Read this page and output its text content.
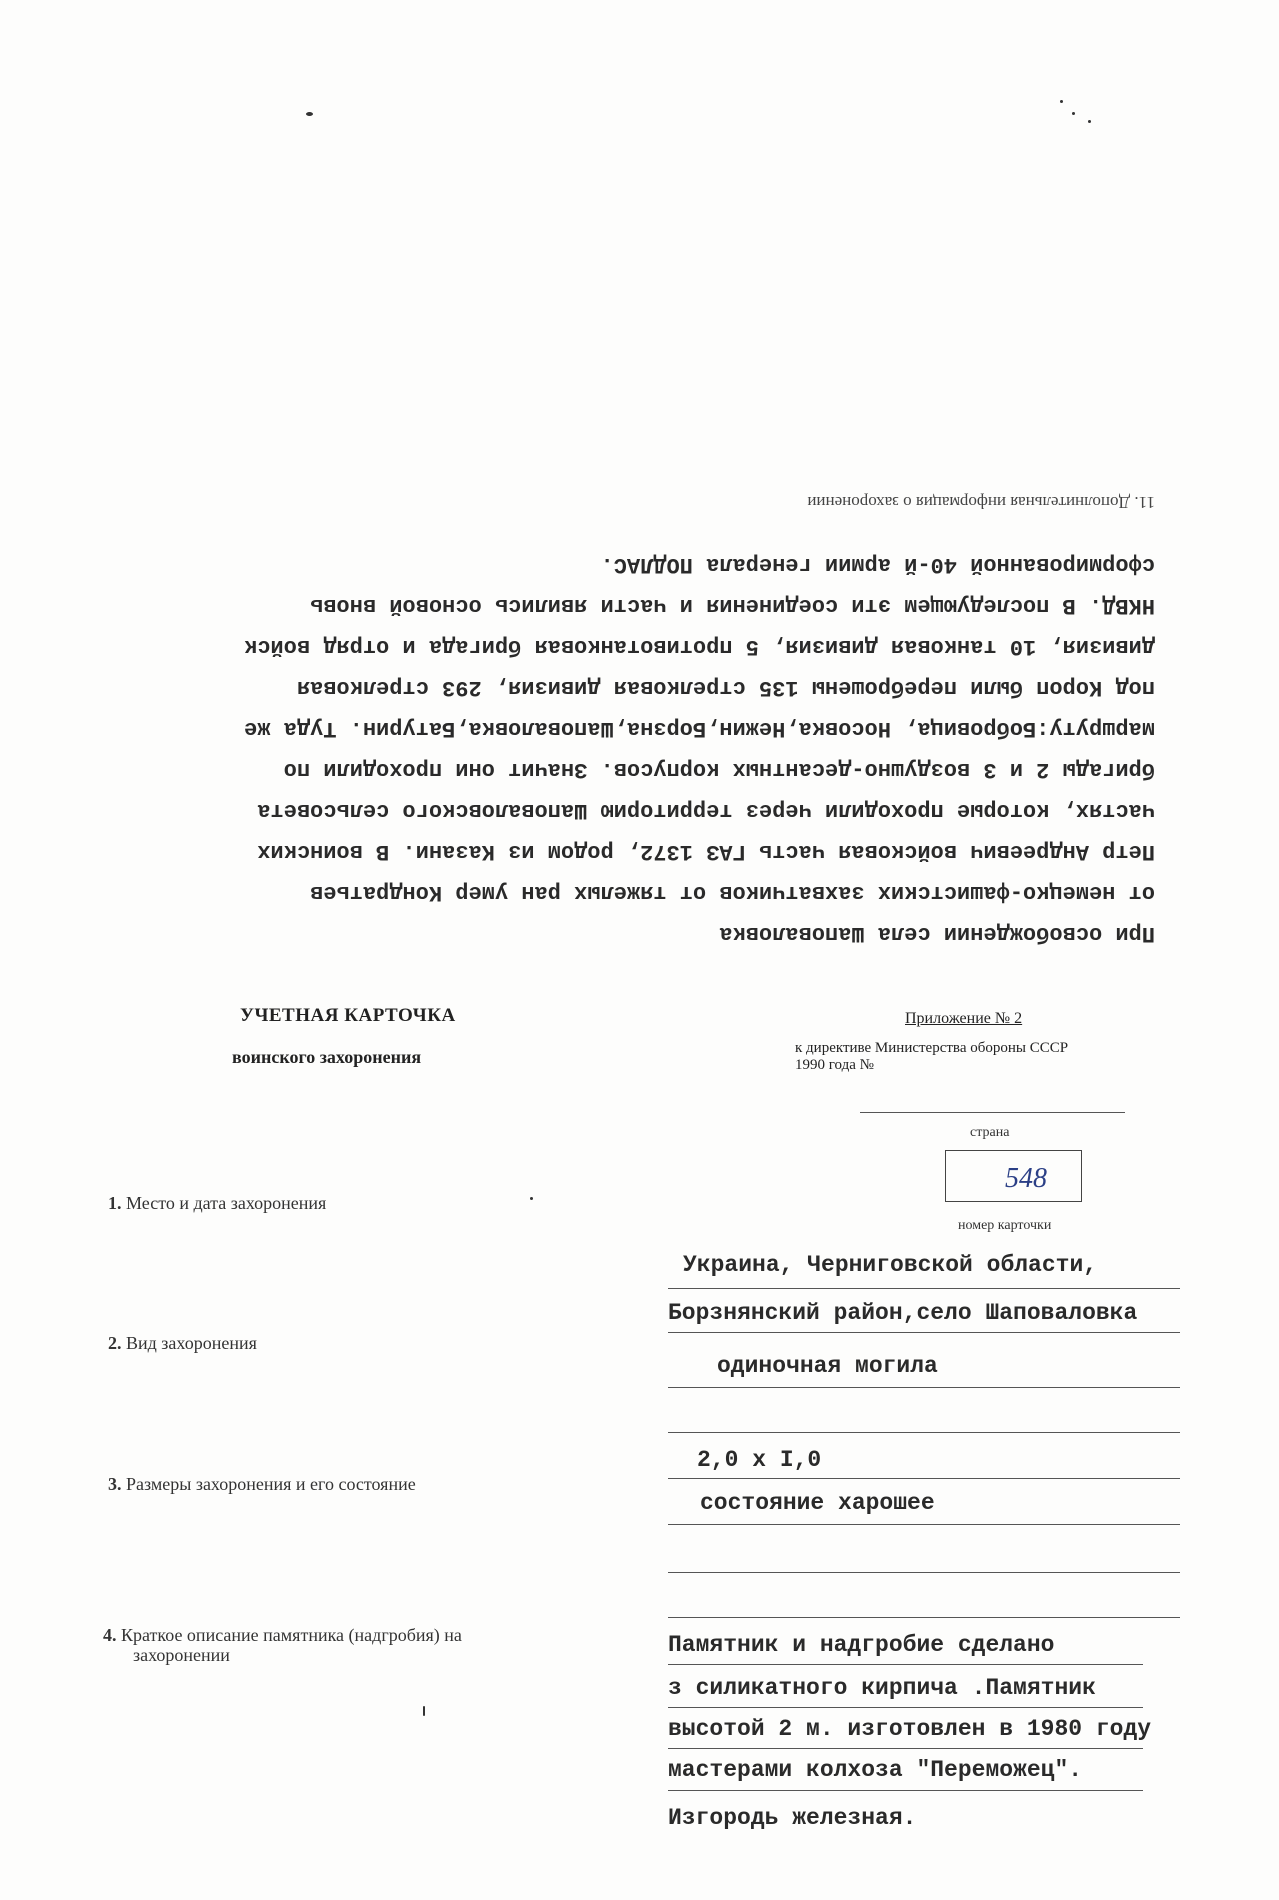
11. Дополнительная информация о захоронении
При освобождении села Шаповаловка
от немецко-фашистских захватчиков от тяжелых ран умер Кондратьев
Петр Андреевич войсковая часть ГАЗ 1372, родом из Казани. В воинских
частях, которые проходили через территорию Шаповаловского сельсовета
бригады 2 и 3 воздушно-десантных корпусов. Значит они проходили по
маршруту:Бобровица, Носовка,Нежин,Борзна,Шаповаловка,Батурин. Туда же
под Короп были переброшены 135 стрелковая дивизия, 293 стрелковая
дивизия, 10 танковая дивизия, 5 противотанковая бригада и отряд войск
НКВД. В последующем эти соединения и части явились основой вновь
сформированной 40-й армии генерала ПОДЛАС.
УЧЕТНАЯ КАРТОЧКА
воинского захоронения
Приложение № 2
к директиве Министерства обороны СССР
1990 года №
страна
548
номер карточки
1. Место и дата захоронения
Украина, Черниговской области,
Борзнянский район,село Шаповаловка
2. Вид захоронения
одиночная могила
3. Размеры захоронения и его состояние
2,0 х I,0
состояние харошее
4. Краткое описание памятника (надгробия) на
захоронении	Памятник и надгробие сделано
з силикатного кирпича .Памятник
высотой 2 м. изготовлен в 1980 году
мастерами колхоза "Переможец".
Изгородь железная.
